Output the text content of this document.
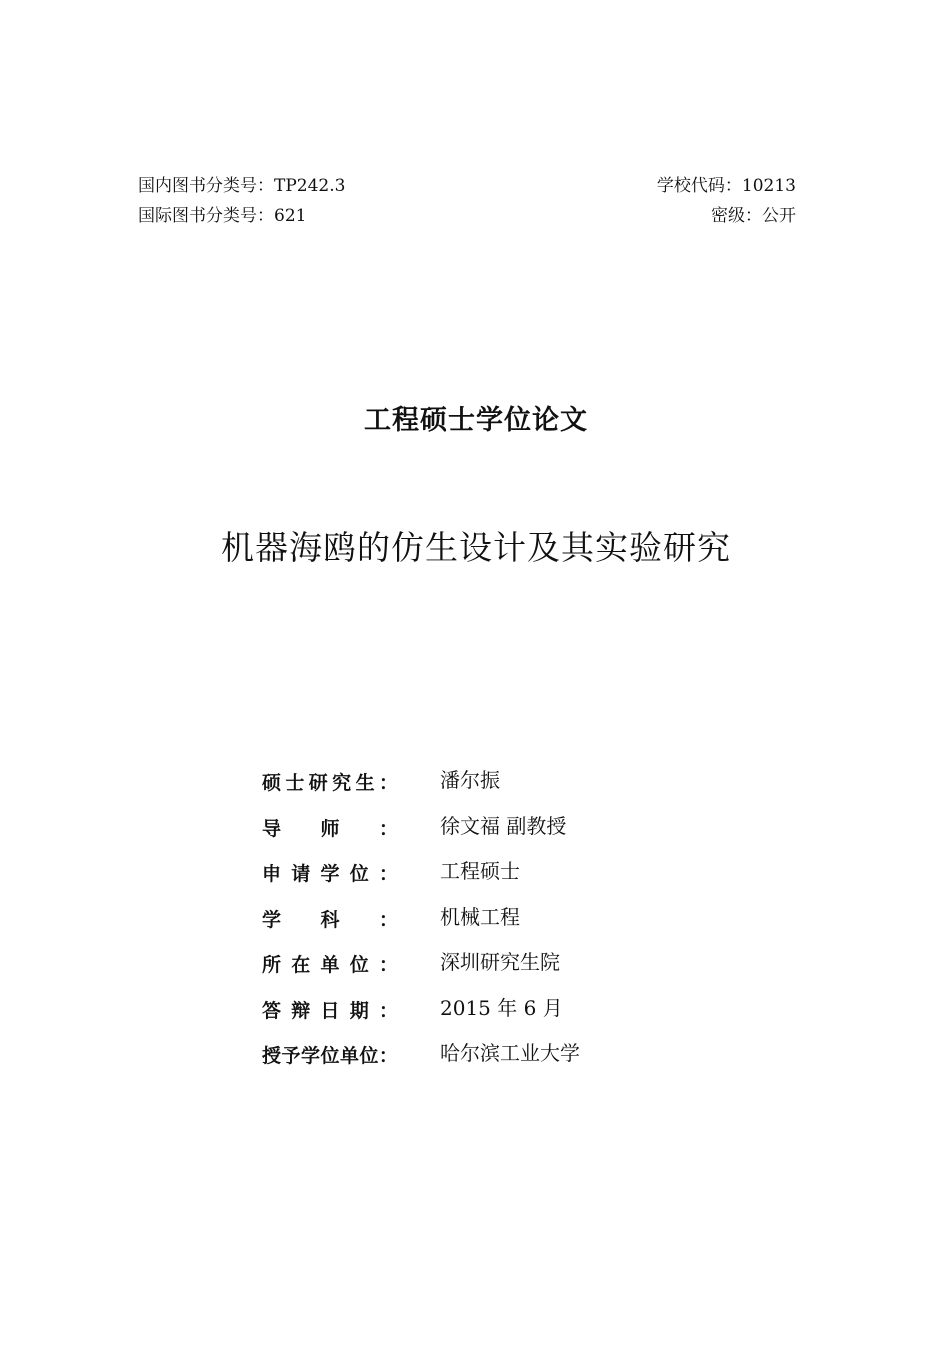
国内图书分类号：TP242.3
国际图书分类号：621
学校代码：10213
密级：公开
工程硕士学位论文
机器海鸥的仿生设计及其实验研究
硕 士 研 究 生 ： 潘尔振
导 师 ： 徐文福 副教授
申 请 学 位 ： 工程硕士
学 科 ： 机械工程
所 在 单 位 ： 深圳研究生院
答 辩 日 期 ： 2015 年 6 月
授 予 学 位 单 位 ： 哈尔滨工业大学
